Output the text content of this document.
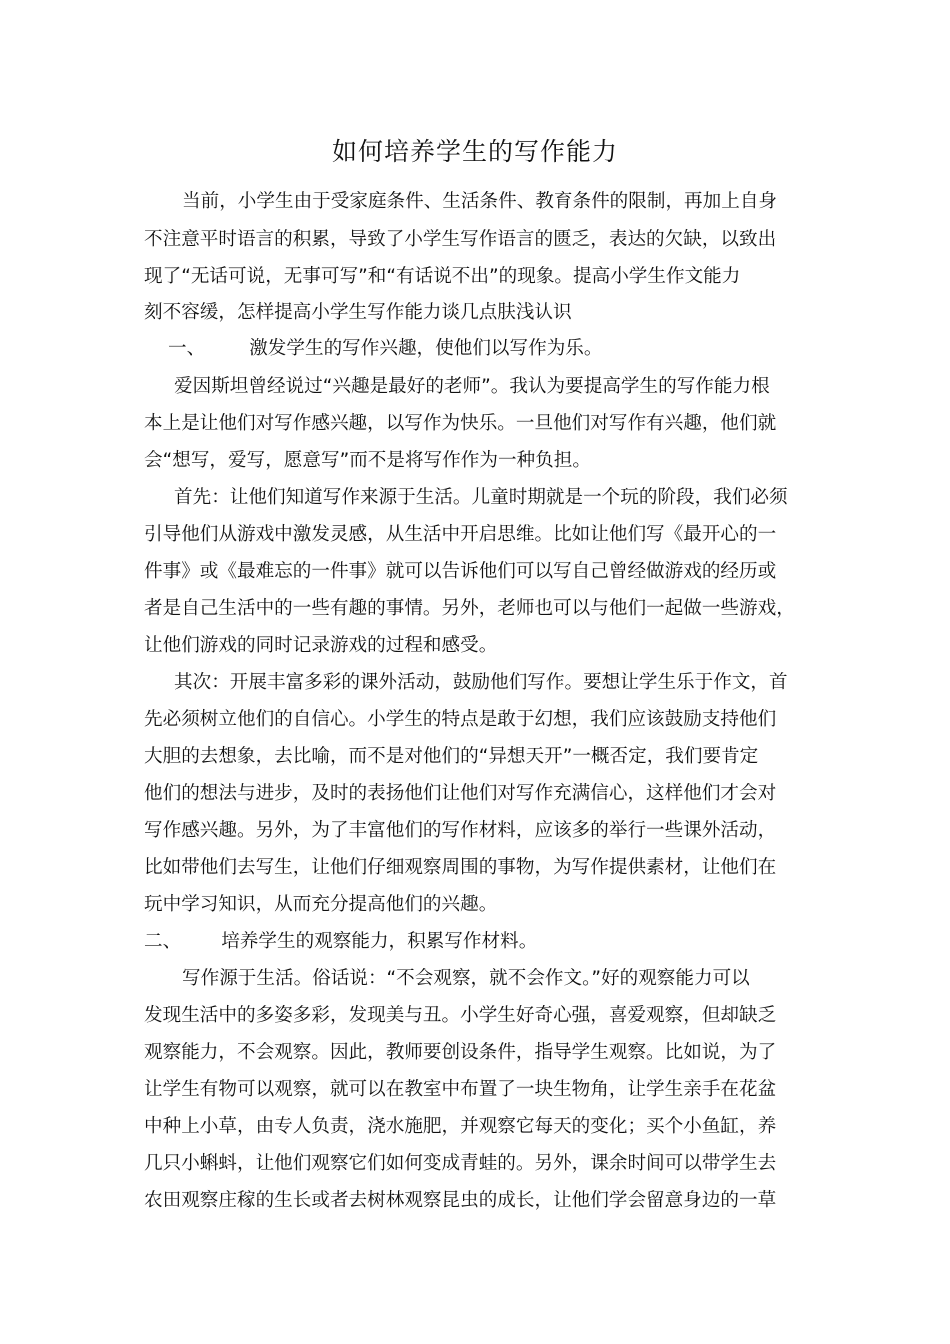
如何培养学生的写作能力
当前，小学生由于受家庭条件、生活条件、教育条件的限制，再加上自身
不注意平时语言的积累，导致了小学生写作语言的匮乏，表达的欠缺，以致出
现了“无话可说，无事可写”和“有话说不出”的现象。提高小学生作文能力
刻不容缓，怎样提高小学生写作能力谈几点肤浅认识
一、 激发学生的写作兴趣，使他们以写作为乐。
爱因斯坦曾经说过“兴趣是最好的老师”。我认为要提高学生的写作能力根
本上是让他们对写作感兴趣，以写作为快乐。一旦他们对写作有兴趣，他们就
会“想写，爱写，愿意写”而不是将写作作为一种负担。
首先：让他们知道写作来源于生活。儿童时期就是一个玩的阶段，我们必须
引导他们从游戏中激发灵感，从生活中开启思维。比如让他们写《最开心的一
件事》或《最难忘的一件事》就可以告诉他们可以写自己曾经做游戏的经历或
者是自己生活中的一些有趣的事情。另外，老师也可以与他们一起做一些游戏，
让他们游戏的同时记录游戏的过程和感受。
其次：开展丰富多彩的课外活动，鼓励他们写作。要想让学生乐于作文，首
先必须树立他们的自信心。小学生的特点是敢于幻想，我们应该鼓励支持他们
大胆的去想象，去比喻，而不是对他们的“异想天开”一概否定，我们要肯定
他们的想法与进步，及时的表扬他们让他们对写作充满信心，这样他们才会对
写作感兴趣。另外，为了丰富他们的写作材料，应该多的举行一些课外活动，
比如带他们去写生，让他们仔细观察周围的事物，为写作提供素材，让他们在
玩中学习知识，从而充分提高他们的兴趣。
二、 培养学生的观察能力，积累写作材料。
写作源于生活。俗话说：“不会观察，就不会作文。”好的观察能力可以
发现生活中的多姿多彩，发现美与丑。小学生好奇心强，喜爱观察，但却缺乏
观察能力，不会观察。因此，教师要创设条件，指导学生观察。比如说，为了
让学生有物可以观察，就可以在教室中布置了一块生物角，让学生亲手在花盆
中种上小草，由专人负责，浇水施肥，并观察它每天的变化；买个小鱼缸，养
几只小蝌蚪，让他们观察它们如何变成青蛙的。另外，课余时间可以带学生去
农田观察庄稼的生长或者去树林观察昆虫的成长，让他们学会留意身边的一草
